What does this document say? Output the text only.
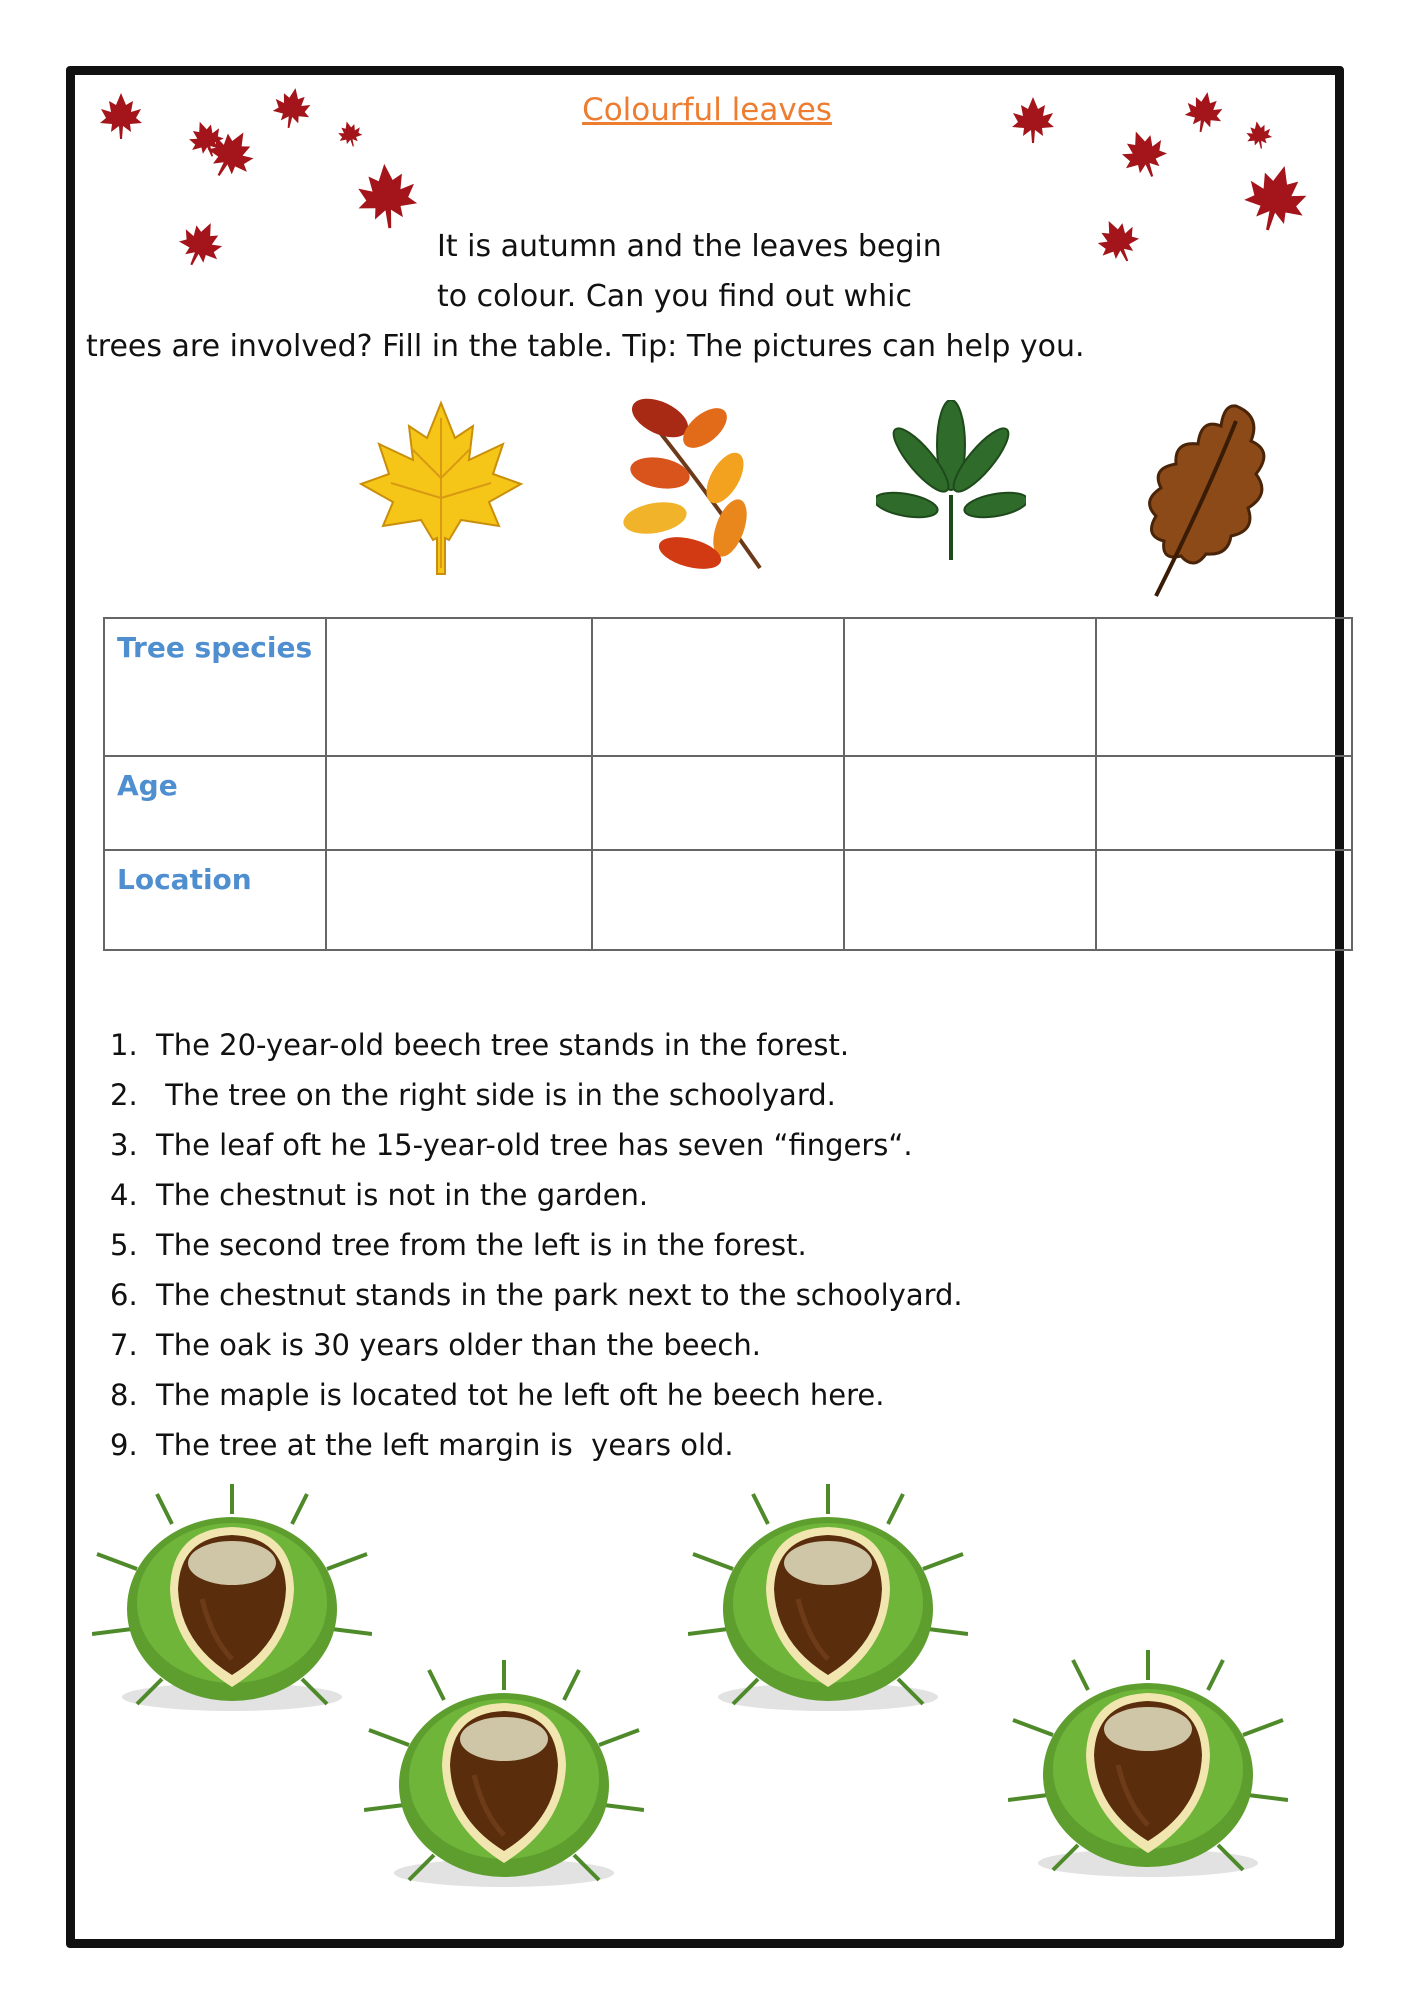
Colourful leaves
It is autumn and the leaves begin
to colour. Can you find out whic
trees are involved? Fill in the table. Tip: The pictures can help you.
Tree species				
Age				
Location				
1. The 20-year-old beech tree stands in the forest.
2. The tree on the right side is in the schoolyard.
3. The leaf oft he 15-year-old tree has seven “fingers“.
4. The chestnut is not in the garden.
5. The second tree from the left is in the forest.
6. The chestnut stands in the park next to the schoolyard.
7. The oak is 30 years older than the beech.
8. The maple is located tot he left oft he beech here.
9. The tree at the left margin is  years old.
